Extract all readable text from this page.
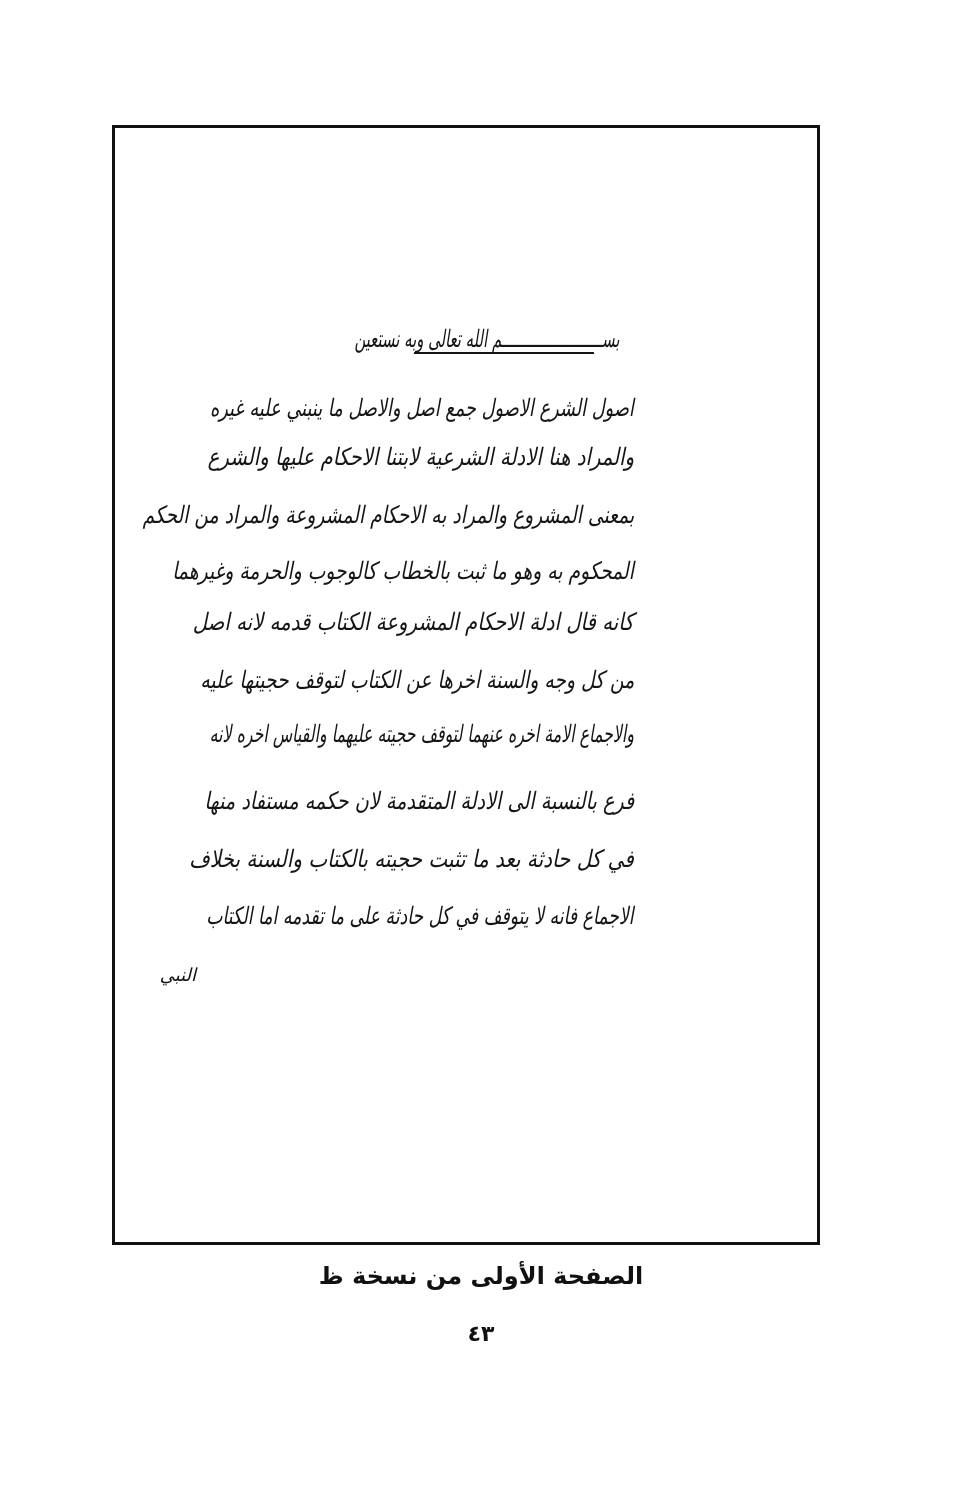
بســـــــــــــــــــــــم الله تعالى وبه نستعين
اصول الشرع الاصول جمع اصل والاصل ما ينبني عليه غيره
والمراد هنا الادلة الشرعية لابتنا الاحكام عليها والشرع
بمعنى المشروع والمراد به الاحكام المشروعة والمراد من الحكم
المحكوم به وهو ما ثبت بالخطاب كالوجوب والحرمة وغيرهما
كانه قال ادلة الاحكام المشروعة الكتاب قدمه لانه اصل
من كل وجه والسنة اخرها عن الكتاب لتوقف حجيتها عليه
والاجماع الامة اخره عنهما لتوقف حجيته عليهما والقياس اخره لانه
فرع بالنسبة الى الادلة المتقدمة لان حكمه مستفاد منها
في كل حادثة بعد ما تثبت حجيته بالكتاب والسنة بخلاف
الاجماع فانه لا يتوقف في كل حادثة على ما تقدمه اما الكتاب
النبي
الصفحة الأولى من نسخة ظ
٤٣
